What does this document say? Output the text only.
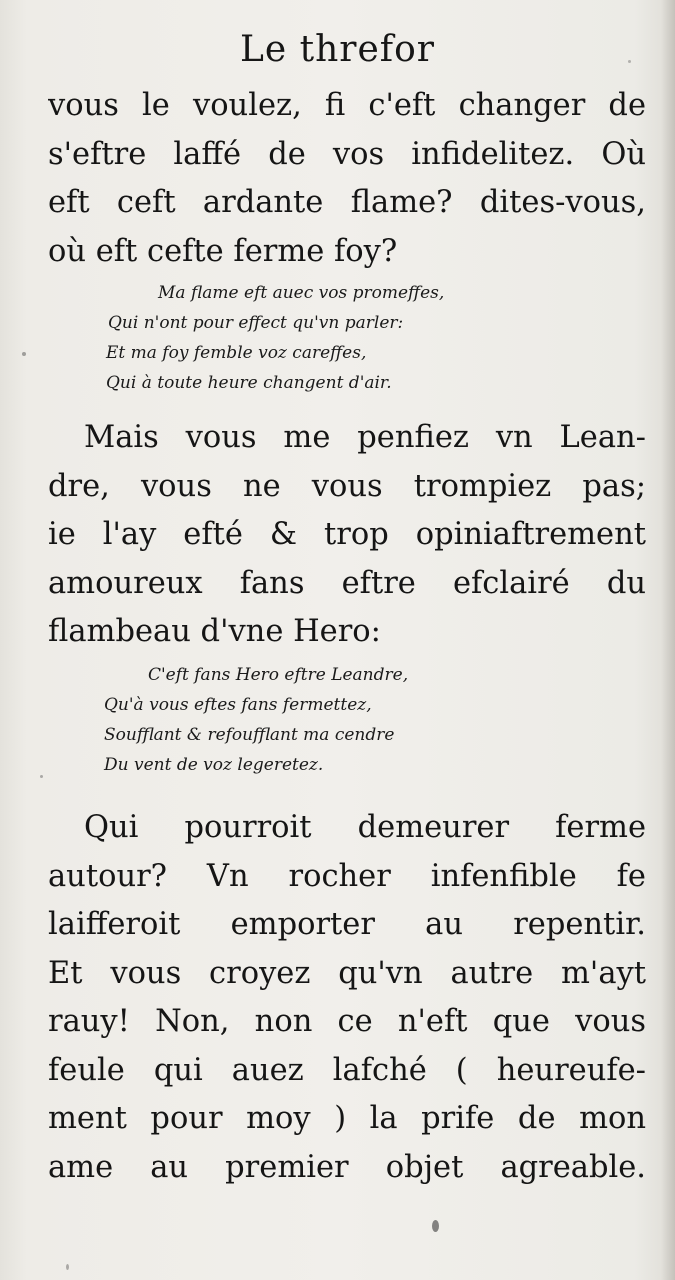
Le threfor
vous le voulez, fi c'eft changer de
s'eftre laffé de vos infidelitez. Où
eft ceft ardante flame? dites-vous,
où eft cefte ferme foy?
Ma flame eft auec vos promeffes,
Qui n'ont pour effect qu'vn parler:
Et ma foy femble voz careffes,
Qui à toute heure changent d'air.
Mais vous me penfiez vn Lean-
dre, vous ne vous trompiez pas;
ie l'ay efté & trop opiniaftrement
amoureux fans eftre efclairé du
flambeau d'vne Hero:
C'eft fans Hero eftre Leandre,
Qu'à vous eftes fans fermettez,
Soufflant & refoufflant ma cendre
Du vent de voz legeretez.
Qui pourroit demeurer ferme
autour? Vn rocher infenfible fe
laifferoit emporter au repentir.
Et vous croyez qu'vn autre m'ayt
rauy! Non, non ce n'eft que vous
feule qui auez lafché ( heureufe-
ment pour moy ) la prife de mon
ame au premier objet agreable.
